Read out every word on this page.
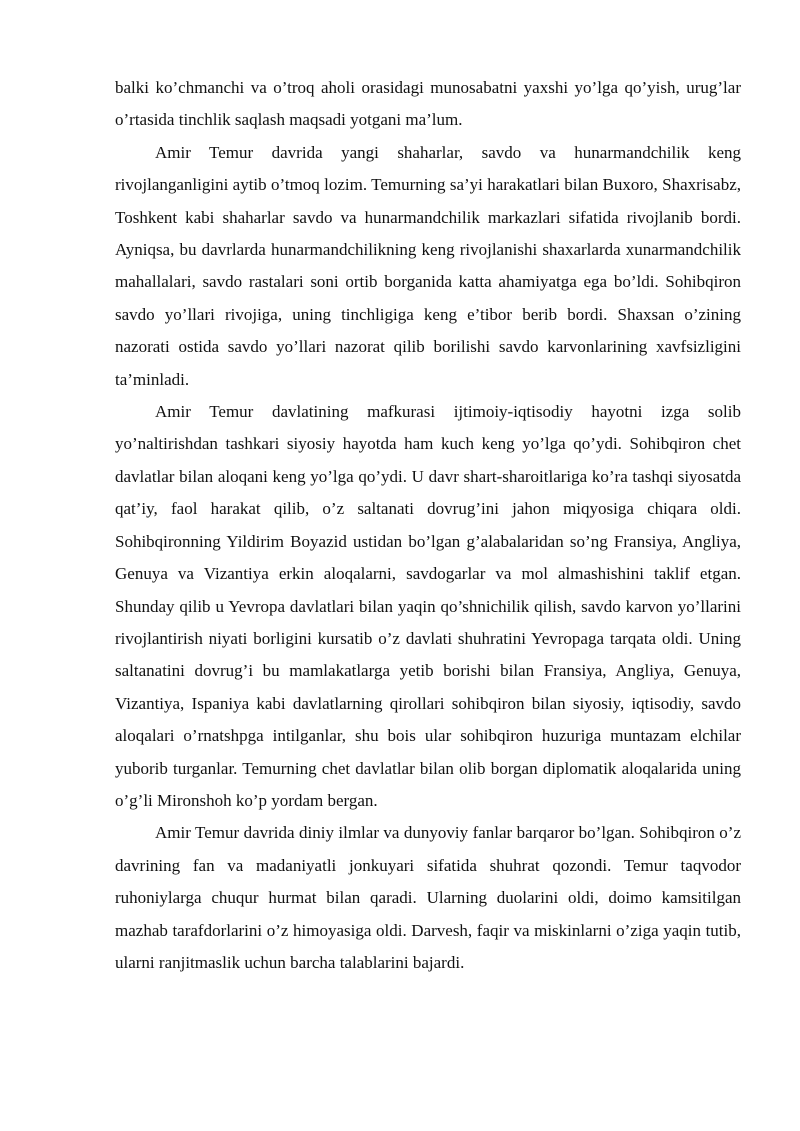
balki ko’chmanchi va o’troq aholi orasidagi munosabatni yaxshi yo’lga qo’yish, urug’lar o’rtasida tinchlik saqlash maqsadi yotgani ma’lum.

Amir Temur davrida yangi shaharlar, savdo va hunarmandchilik keng rivojlanganligini aytib o’tmoq lozim. Temurning sa’yi harakatlari bilan Buxoro, Shaxrisabz, Toshkent kabi shaharlar savdo va hunarmandchilik markazlari sifatida rivojlanib bordi. Ayniqsa, bu davrlarda hunarmandchilikning keng rivojlanishi shaxarlarda xunarmandchilik mahallalari, savdo rastalari soni ortib borganida katta ahamiyatga ega bo’ldi. Sohibqiron savdo yo’llari rivojiga, uning tinchligiga keng e’tibor berib bordi. Shaxsan o’zining nazorati ostida savdo yo’llari nazorat qilib borilishi savdo karvonlarining xavfsizligini ta’minladi.

Amir Temur davlatining mafkurasi ijtimoiy-iqtisodiy hayotni izga solib yo’naltirishdan tashkari siyosiy hayotda ham kuch keng yo’lga qo’ydi. Sohibqiron chet davlatlar bilan aloqani keng yo’lga qo’ydi. U davr shart-sharoitlariga ko’ra tashqi siyosatda qat’iy, faol harakat qilib, o’z saltanati dovrug’ini jahon miqyosiga chiqara oldi. Sohibqironning Yildirim Boyazid ustidan bo’lgan g’alabalaridan so’ng Fransiya, Angliya, Genuya va Vizantiya erkin aloqalarni, savdogarlar va mol almashishini taklif etgan. Shunday qilib u Yevropa davlatlari bilan yaqin qo’shnichilik qilish, savdo karvon yo’llarini rivojlantirish niyati borligini kursatib o’z davlati shuhratini Yevropaga tarqata oldi. Uning saltanatini dovrug’i bu mamlakatlarga yetib borishi bilan Fransiya, Angliya, Genuya, Vizantiya, Ispaniya kabi davlatlarning qirollari sohibqiron bilan siyosiy, iqtisodiy, savdo aloqalari o’rnatshpga intilganlar, shu bois ular sohibqiron huzuriga muntazam elchilar yuborib turganlar. Temurning chet davlatlar bilan olib borgan diplomatik aloqalarida uning o’g’li Mironshoh ko’p yordam bergan.

Amir Temur davrida diniy ilmlar va dunyoviy fanlar barqaror bo’lgan. Sohibqiron o’z davrining fan va madaniyatli jonkuyari sifatida shuhrat qozondi. Temur taqvodor ruhoniylarga chuqur hurmat bilan qaradi. Ularning duolarini oldi, doimo kamsitilgan mazhab tarafdorlarini o’z himoyasiga oldi. Darvesh, faqir va miskinlarni o’ziga yaqin tutib, ularni ranjitmaslik uchun barcha talablarini bajardi.
